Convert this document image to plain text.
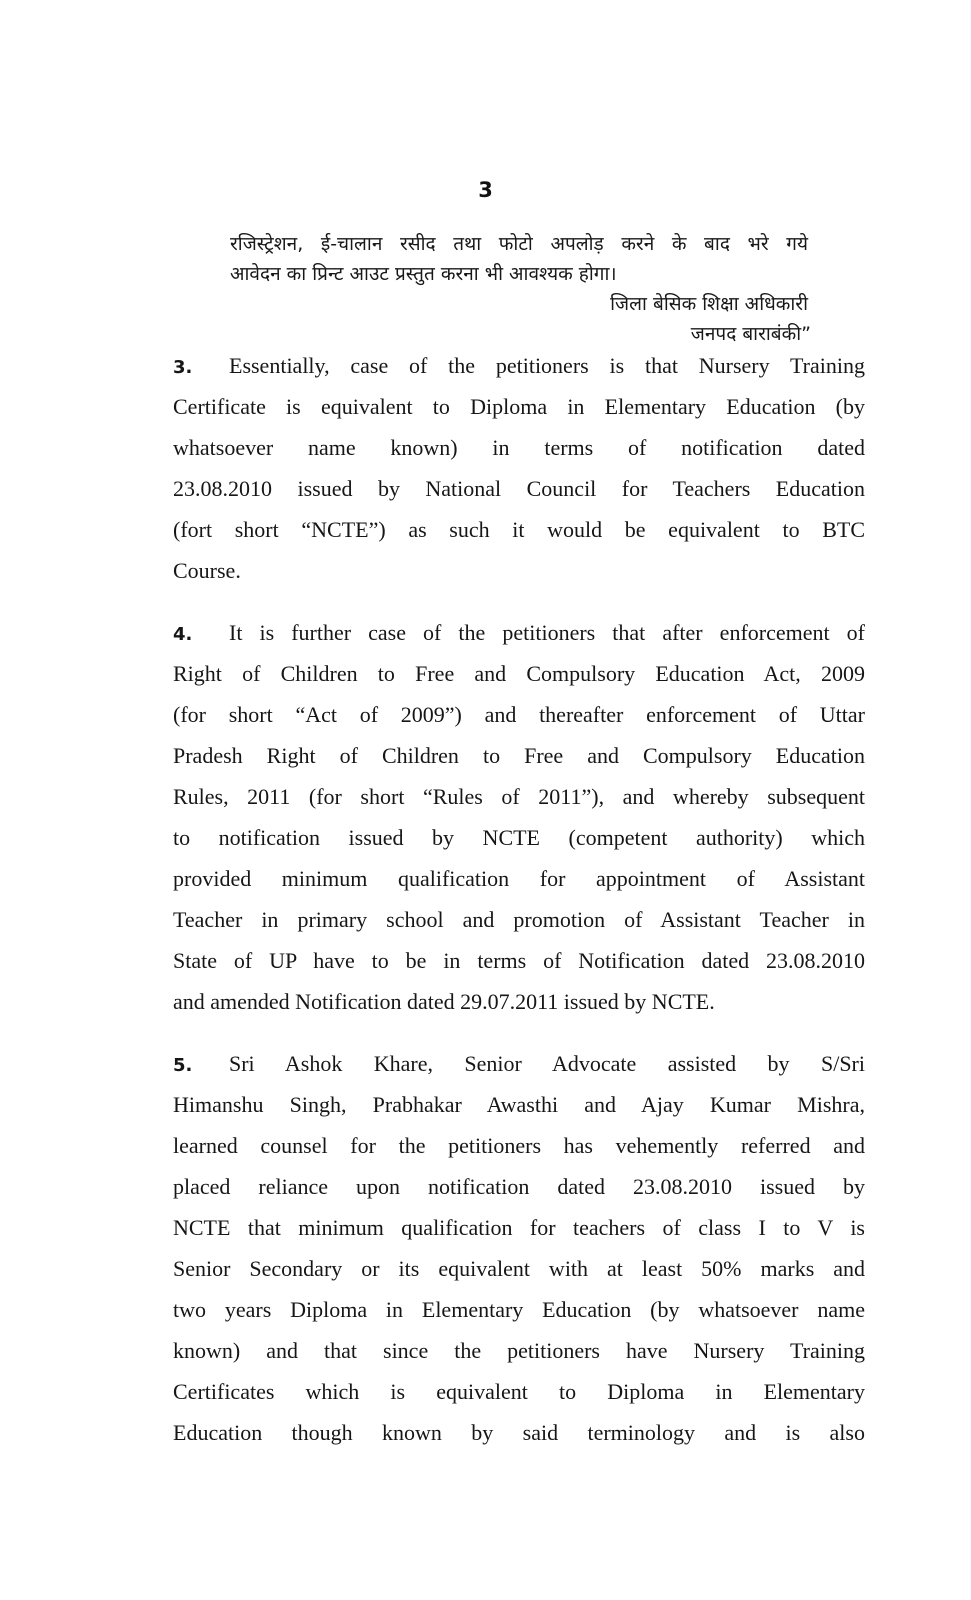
3
रजिस्ट्रेशन, ई-चालान रसीद तथा फोटो अपलोड़ करने के बाद भरे गये
आवेदन का प्रिन्ट आउट प्रस्तुत करना भी आवश्यक होगा।
जिला बेसिक शिक्षा अधिकारी
जनपद बाराबंकी”
3. Essentially, case of the petitioners is that Nursery Training
Certificate is equivalent to Diploma in Elementary Education (by
whatsoever name known) in terms of notification dated
23.08.2010 issued by National Council for Teachers Education
(fort short “NCTE”) as such it would be equivalent to BTC
Course.
4. It is further case of the petitioners that after enforcement of
Right of Children to Free and Compulsory Education Act, 2009
(for short “Act of 2009”) and thereafter enforcement of Uttar
Pradesh Right of Children to Free and Compulsory Education
Rules, 2011 (for short “Rules of 2011”), and whereby subsequent
to notification issued by NCTE (competent authority) which
provided minimum qualification for appointment of Assistant
Teacher in primary school and promotion of Assistant Teacher in
State of UP have to be in terms of Notification dated 23.08.2010
and amended Notification dated 29.07.2011 issued by NCTE.
5. Sri Ashok Khare, Senior Advocate assisted by S/Sri
Himanshu Singh, Prabhakar Awasthi and Ajay Kumar Mishra,
learned counsel for the petitioners has vehemently referred and
placed reliance upon notification dated 23.08.2010 issued by
NCTE that minimum qualification for teachers of class I to V is
Senior Secondary or its equivalent with at least 50% marks and
two years Diploma in Elementary Education (by whatsoever name
known) and that since the petitioners have Nursery Training
Certificates which is equivalent to Diploma in Elementary
Education though known by said terminology and is also
